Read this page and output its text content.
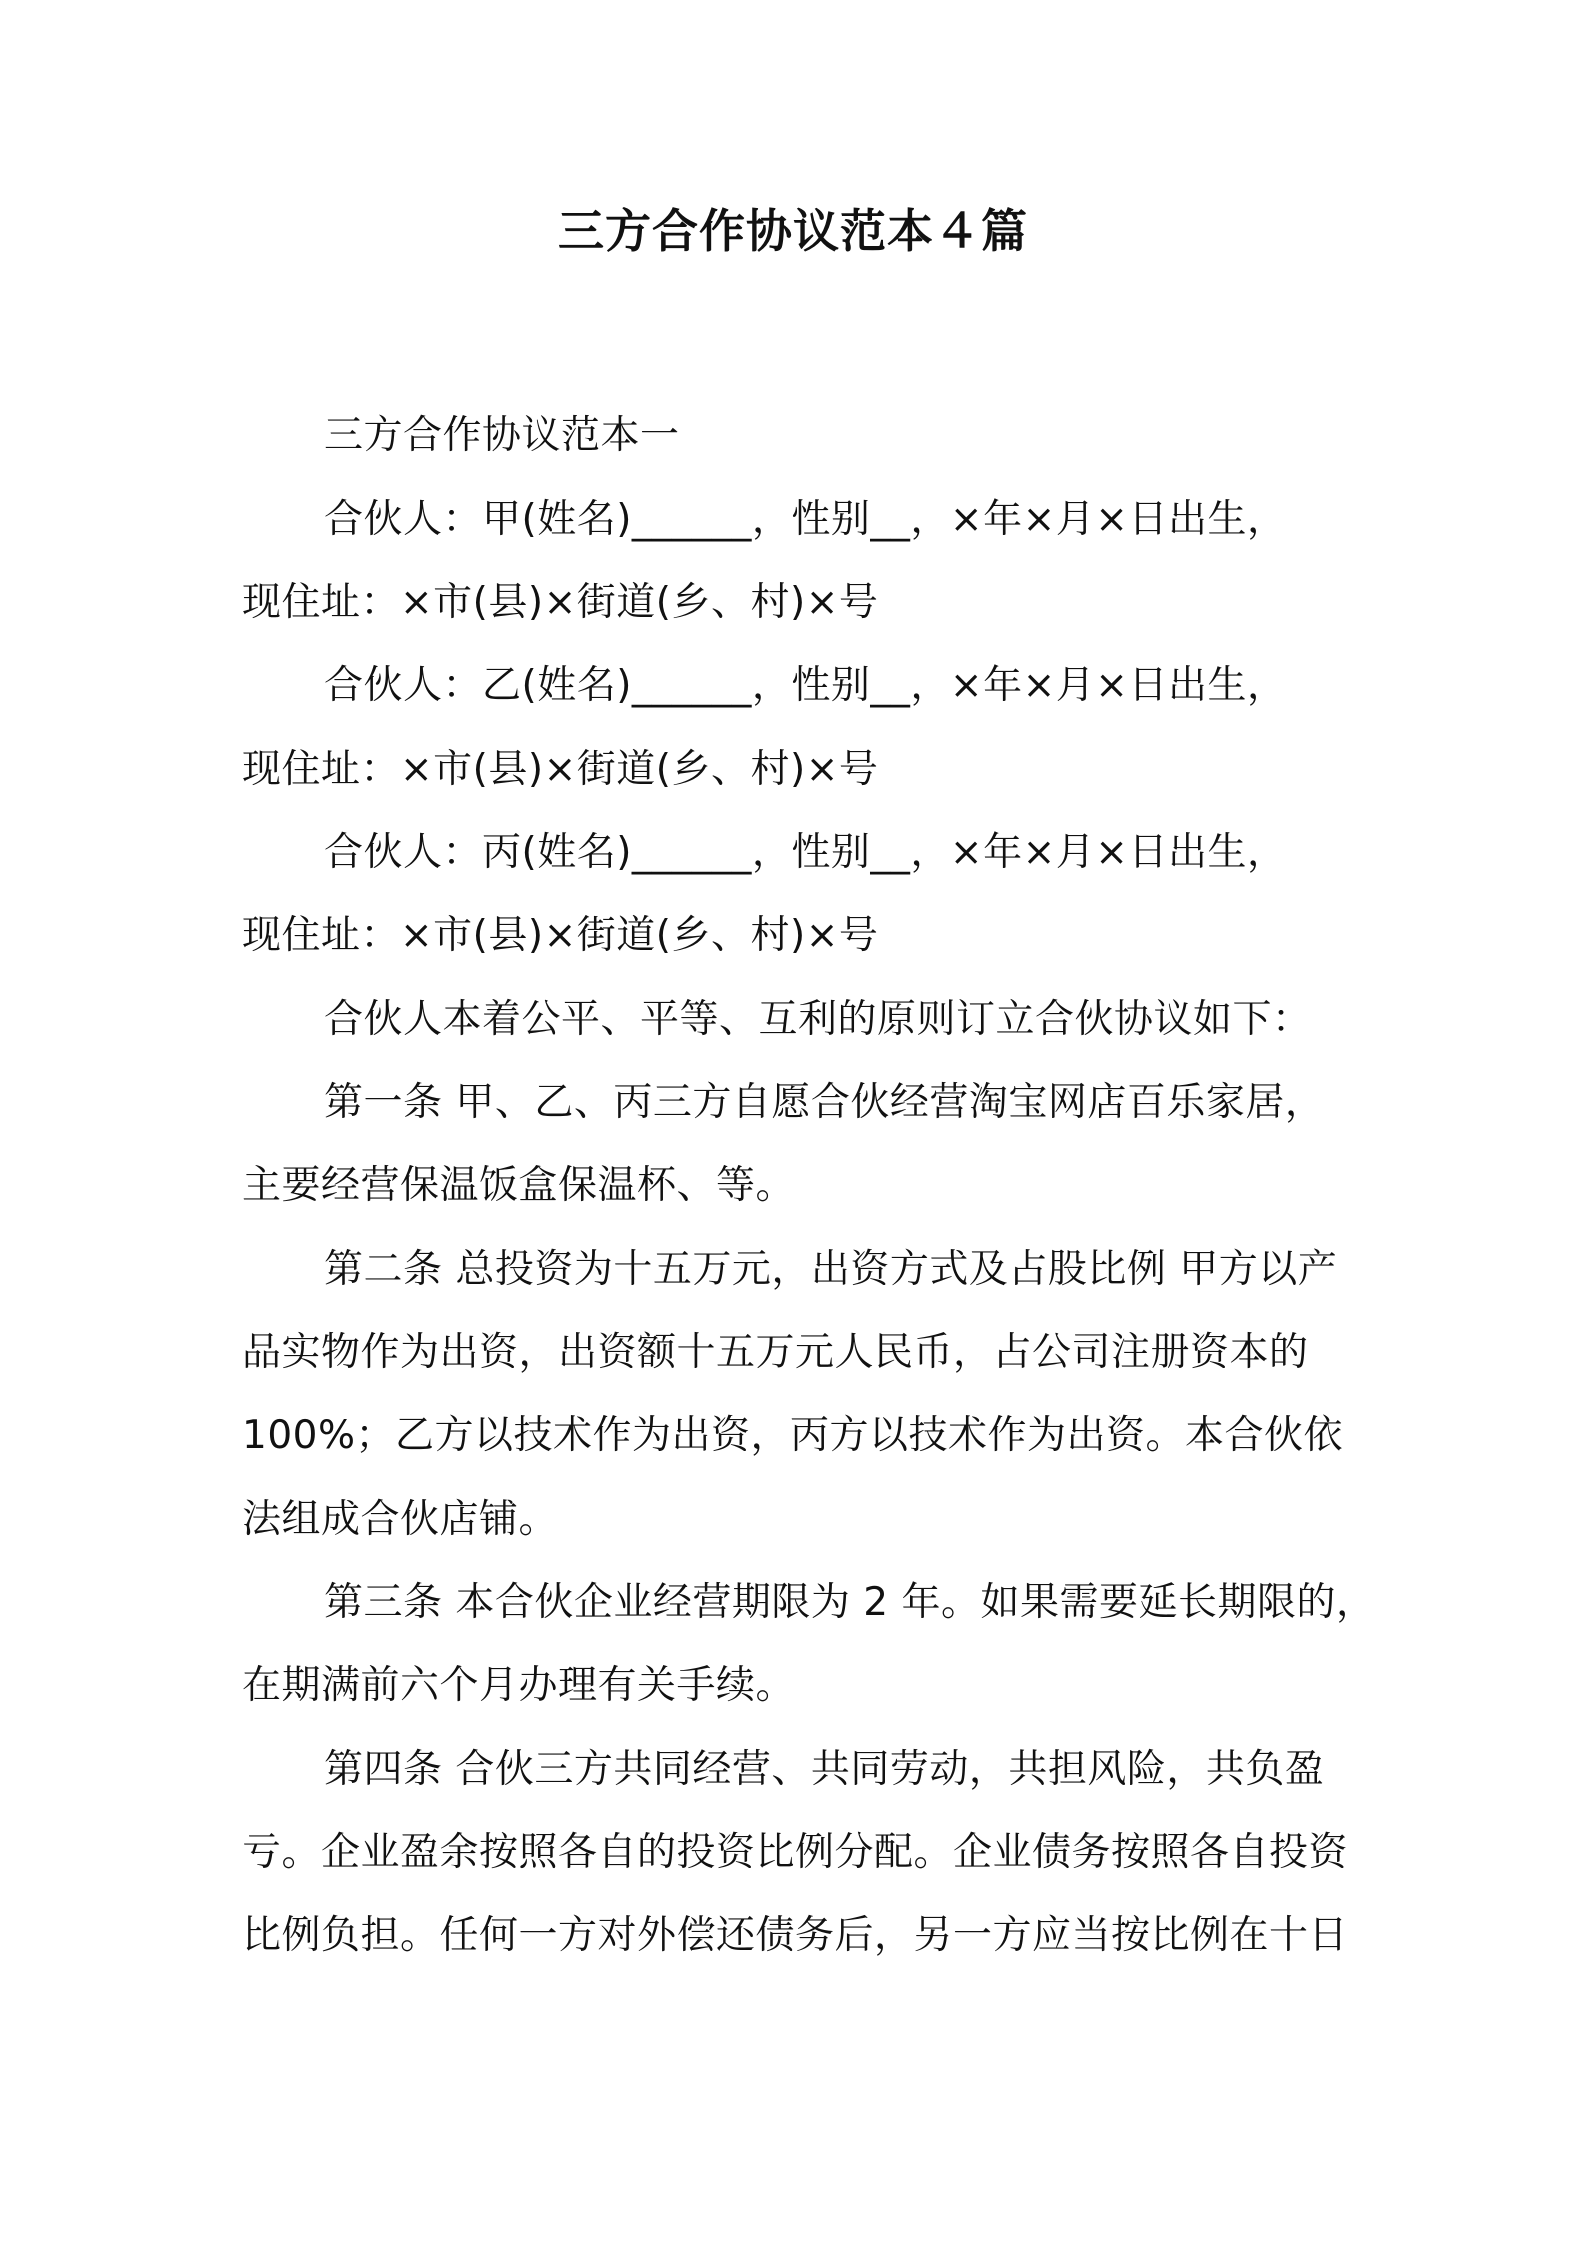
三方合作协议范本４篇
三方合作协议范本一
合伙人：甲(姓名)______，性别__，×年×月×日出生，
现住址：×市(县)×街道(乡、村)×号
合伙人：乙(姓名)______，性别__，×年×月×日出生，
现住址：×市(县)×街道(乡、村)×号
合伙人：丙(姓名)______，性别__，×年×月×日出生，
现住址：×市(县)×街道(乡、村)×号
合伙人本着公平、平等、互利的原则订立合伙协议如下：
第一条 甲、乙、丙三方自愿合伙经营淘宝网店百乐家居，
主要经营保温饭盒保温杯、等。
第二条 总投资为十五万元，出资方式及占股比例 甲方以产
品实物作为出资，出资额十五万元人民币，占公司注册资本的
100%；乙方以技术作为出资，丙方以技术作为出资。本合伙依
法组成合伙店铺。
第三条 本合伙企业经营期限为 2 年。如果需要延长期限的，
在期满前六个月办理有关手续。
第四条 合伙三方共同经营、共同劳动，共担风险，共负盈
亏。企业盈余按照各自的投资比例分配。企业债务按照各自投资
比例负担。任何一方对外偿还债务后，另一方应当按比例在十日
